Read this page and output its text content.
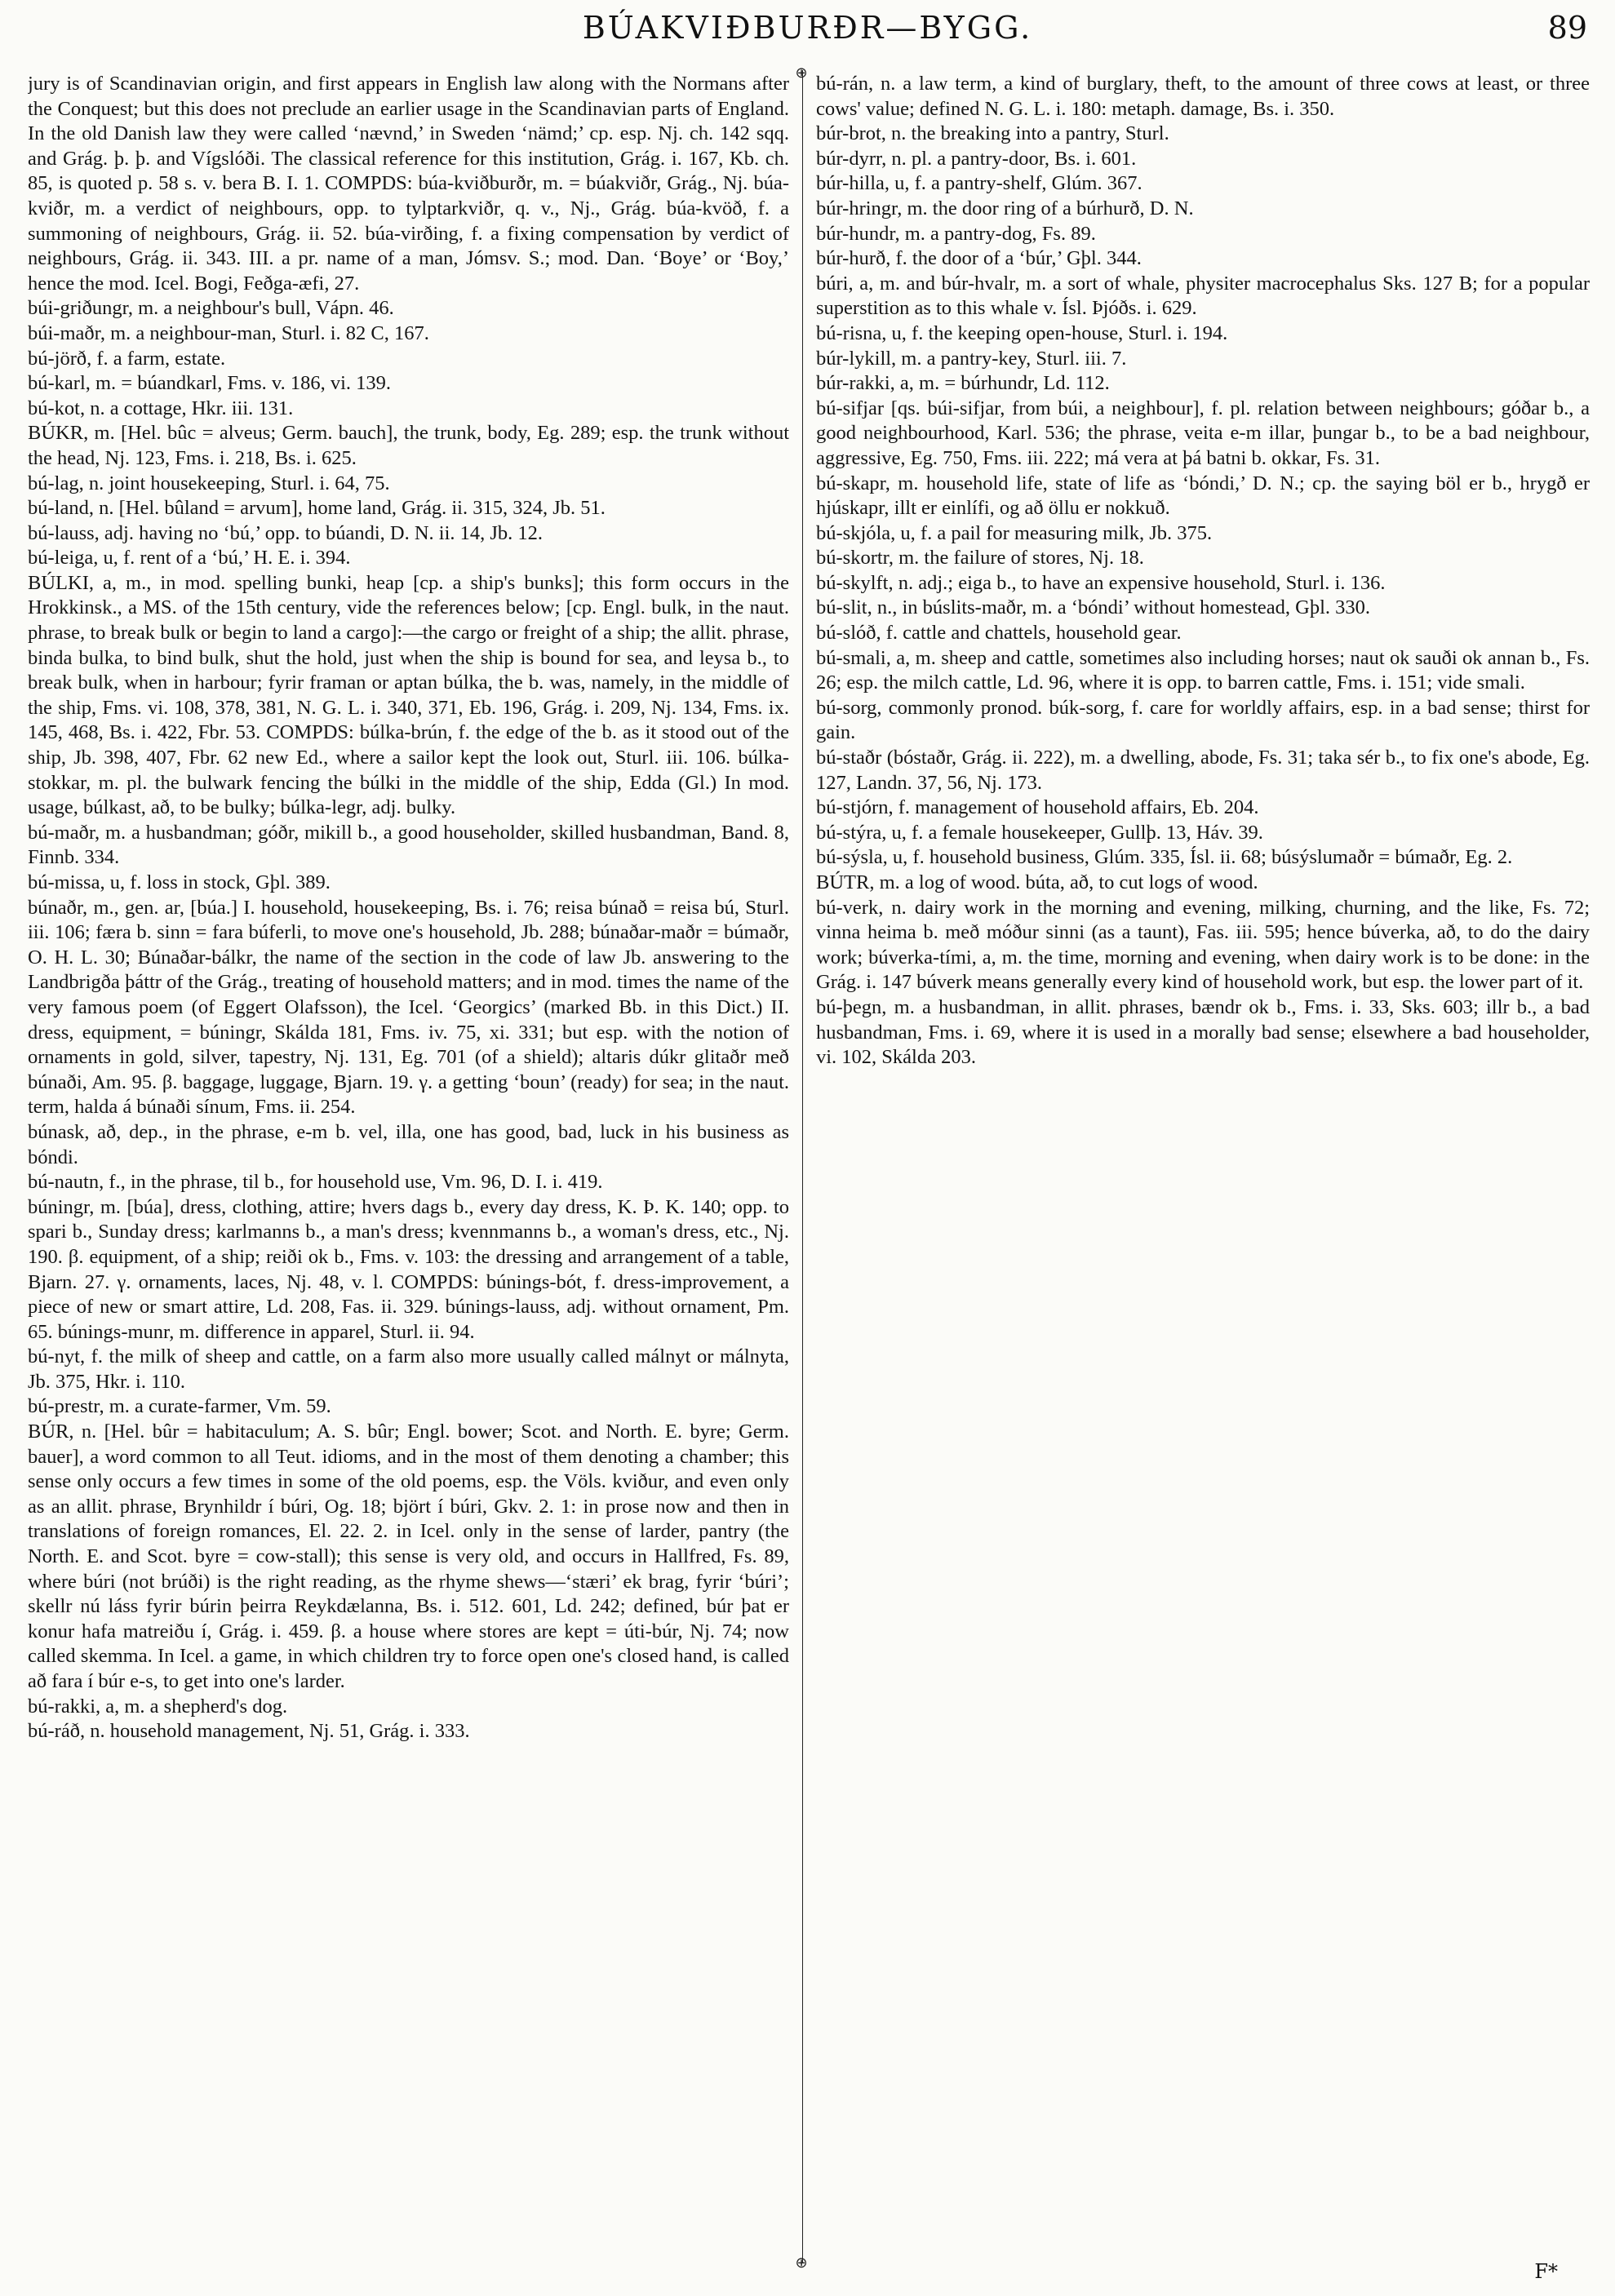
BÚAKVIÐBURÐR—BYGG.	89

jury is of Scandinavian origin, and first appears in English law along with the Normans after the Conquest; but this does not preclude an earlier usage in the Scandinavian parts of England. In the old Danish law they were called ‘nævnd,’ in Sweden ‘nämd;’ cp. esp. Nj. ch. 142 sqq. and Grág. þ. þ. and Vígslóði. The classical reference for this institution, Grág. i. 167, Kb. ch. 85, is quoted p. 58 s. v. bera B. I. 1. COMPDS: búa-kviðburðr, m. = búakviðr, Grág., Nj. búa-kviðr, m. a verdict of neighbours, opp. to tylptarkviðr, q. v., Nj., Grág. búa-kvöð, f. a summoning of neighbours, Grág. ii. 52. búa-virðing, f. a fixing compensation by verdict of neighbours, Grág. ii. 343. III. a pr. name of a man, Jómsv. S.; mod. Dan. ‘Boye’ or ‘Boy,’ hence the mod. Icel. Bogi, Feðga-æfi, 27.

búi-griðungr, m. a neighbour's bull, Vápn. 46.

búi-maðr, m. a neighbour-man, Sturl. i. 82 C, 167.

bú-jörð, f. a farm, estate.

bú-karl, m. = búandkarl, Fms. v. 186, vi. 139.

bú-kot, n. a cottage, Hkr. iii. 131.

BÚKR, m. [Hel. bûc = alveus; Germ. bauch], the trunk, body, Eg. 289; esp. the trunk without the head, Nj. 123, Fms. i. 218, Bs. i. 625.

bú-lag, n. joint housekeeping, Sturl. i. 64, 75.

bú-land, n. [Hel. bûland = arvum], home land, Grág. ii. 315, 324, Jb. 51.

bú-lauss, adj. having no ‘bú,’ opp. to búandi, D. N. ii. 14, Jb. 12.

bú-leiga, u, f. rent of a ‘bú,’ H. E. i. 394.

BÚLKI, a, m., in mod. spelling bunki, heap [cp. a ship's bunks]; this form occurs in the Hrokkinsk., a MS. of the 15th century, vide the references below; [cp. Engl. bulk, in the naut. phrase, to break bulk or begin to land a cargo]:—the cargo or freight of a ship; the allit. phrase, binda bulka, to bind bulk, shut the hold, just when the ship is bound for sea, and leysa b., to break bulk, when in harbour; fyrir framan or aptan búlka, the b. was, namely, in the middle of the ship, Fms. vi. 108, 378, 381, N. G. L. i. 340, 371, Eb. 196, Grág. i. 209, Nj. 134, Fms. ix. 145, 468, Bs. i. 422, Fbr. 53. COMPDS: búlka-brún, f. the edge of the b. as it stood out of the ship, Jb. 398, 407, Fbr. 62 new Ed., where a sailor kept the look out, Sturl. iii. 106. búlka-stokkar, m. pl. the bulwark fencing the búlki in the middle of the ship, Edda (Gl.) In mod. usage, búlkast, að, to be bulky; búlka-legr, adj. bulky.

bú-maðr, m. a husbandman; góðr, mikill b., a good householder, skilled husbandman, Band. 8, Finnb. 334.

bú-missa, u, f. loss in stock, Gþl. 389.

búnaðr, m., gen. ar, [búa.] I. household, housekeeping, Bs. i. 76; reisa búnað = reisa bú, Sturl. iii. 106; færa b. sinn = fara búferli, to move one's household, Jb. 288; búnaðar-maðr = búmaðr, O. H. L. 30; Búnaðar-bálkr, the name of the section in the code of law Jb. answering to the Landbrigða þáttr of the Grág., treating of household matters; and in mod. times the name of the very famous poem (of Eggert Olafsson), the Icel. ‘Georgics’ (marked Bb. in this Dict.) II. dress, equipment, = búningr, Skálda 181, Fms. iv. 75, xi. 331; but esp. with the notion of ornaments in gold, silver, tapestry, Nj. 131, Eg. 701 (of a shield); altaris dúkr glitaðr með búnaði, Am. 95. β. baggage, luggage, Bjarn. 19. γ. a getting ‘boun’ (ready) for sea; in the naut. term, halda á búnaði sínum, Fms. ii. 254.

búnask, að, dep., in the phrase, e-m b. vel, illa, one has good, bad, luck in his business as bóndi.

bú-nautn, f., in the phrase, til b., for household use, Vm. 96, D. I. i. 419.

búningr, m. [búa], dress, clothing, attire; hvers dags b., every day dress, K. Þ. K. 140; opp. to spari b., Sunday dress; karlmanns b., a man's dress; kvennmanns b., a woman's dress, etc., Nj. 190. β. equipment, of a ship; reiði ok b., Fms. v. 103: the dressing and arrangement of a table, Bjarn. 27. γ. ornaments, laces, Nj. 48, v. l. COMPDS: búnings-bót, f. dress-improvement, a piece of new or smart attire, Ld. 208, Fas. ii. 329. búnings-lauss, adj. without ornament, Pm. 65. búnings-munr, m. difference in apparel, Sturl. ii. 94.

bú-nyt, f. the milk of sheep and cattle, on a farm also more usually called málnyt or málnyta, Jb. 375, Hkr. i. 110.

bú-prestr, m. a curate-farmer, Vm. 59.

BÚR, n. [Hel. bûr = habitaculum; A. S. bûr; Engl. bower; Scot. and North. E. byre; Germ. bauer], a word common to all Teut. idioms, and in the most of them denoting a chamber; this sense only occurs a few times in some of the old poems, esp. the Völs. kviður, and even only as an allit. phrase, Brynhildr í búri, Og. 18; björt í búri, Gkv. 2. 1: in prose now and then in translations of foreign romances, El. 22. 2. in Icel. only in the sense of larder, pantry (the North. E. and Scot. byre = cow-stall); this sense is very old, and occurs in Hallfred, Fs. 89, where búri (not brúði) is the right reading, as the rhyme shews—‘stæri’ ek brag, fyrir ‘búri’; skellr nú láss fyrir búrin þeirra Reykdælanna, Bs. i. 512. 601, Ld. 242; defined, búr þat er konur hafa matreiðu í, Grág. i. 459. β. a house where stores are kept = úti-búr, Nj. 74; now called skemma. In Icel. a game, in which children try to force open one's closed hand, is called að fara í búr e-s, to get into one's larder.

bú-rakki, a, m. a shepherd's dog.

bú-ráð, n. household management, Nj. 51, Grág. i. 333.

⊕
⊕

bú-rán, n. a law term, a kind of burglary, theft, to the amount of three cows at least, or three cows' value; defined N. G. L. i. 180: metaph. damage, Bs. i. 350.

búr-brot, n. the breaking into a pantry, Sturl.

búr-dyrr, n. pl. a pantry-door, Bs. i. 601.

búr-hilla, u, f. a pantry-shelf, Glúm. 367.

búr-hringr, m. the door ring of a búrhurð, D. N.

búr-hundr, m. a pantry-dog, Fs. 89.

búr-hurð, f. the door of a ‘búr,’ Gþl. 344.

búri, a, m. and búr-hvalr, m. a sort of whale, physiter macrocephalus Sks. 127 B; for a popular superstition as to this whale v. Ísl. Þjóðs. i. 629.

bú-risna, u, f. the keeping open-house, Sturl. i. 194.

búr-lykill, m. a pantry-key, Sturl. iii. 7.

búr-rakki, a, m. = búrhundr, Ld. 112.

bú-sifjar [qs. búi-sifjar, from búi, a neighbour], f. pl. relation between neighbours; góðar b., a good neighbourhood, Karl. 536; the phrase, veita e-m illar, þungar b., to be a bad neighbour, aggressive, Eg. 750, Fms. iii. 222; má vera at þá batni b. okkar, Fs. 31.

bú-skapr, m. household life, state of life as ‘bóndi,’ D. N.; cp. the saying böl er b., hrygð er hjúskapr, illt er einlífi, og að öllu er nokkuð.

bú-skjóla, u, f. a pail for measuring milk, Jb. 375.

bú-skortr, m. the failure of stores, Nj. 18.

bú-skylft, n. adj.; eiga b., to have an expensive household, Sturl. i. 136.

bú-slit, n., in búslits-maðr, m. a ‘bóndi’ without homestead, Gþl. 330.

bú-slóð, f. cattle and chattels, household gear.

bú-smali, a, m. sheep and cattle, sometimes also including horses; naut ok sauði ok annan b., Fs. 26; esp. the milch cattle, Ld. 96, where it is opp. to barren cattle, Fms. i. 151; vide smali.

bú-sorg, commonly pronod. búk-sorg, f. care for worldly affairs, esp. in a bad sense; thirst for gain.

bú-staðr (bóstaðr, Grág. ii. 222), m. a dwelling, abode, Fs. 31; taka sér b., to fix one's abode, Eg. 127, Landn. 37, 56, Nj. 173.

bú-stjórn, f. management of household affairs, Eb. 204.

bú-stýra, u, f. a female housekeeper, Gullþ. 13, Háv. 39.

bú-sýsla, u, f. household business, Glúm. 335, Ísl. ii. 68; búsýslumaðr = búmaðr, Eg. 2.

BÚTR, m. a log of wood. búta, að, to cut logs of wood.

bú-verk, n. dairy work in the morning and evening, milking, churning, and the like, Fs. 72; vinna heima b. með móður sinni (as a taunt), Fas. iii. 595; hence búverka, að, to do the dairy work; búverka-tími, a, m. the time, morning and evening, when dairy work is to be done: in the Grág. i. 147 búverk means generally every kind of household work, but esp. the lower part of it.

bú-þegn, m. a husbandman, in allit. phrases, bændr ok b., Fms. i. 33, Sks. 603; illr b., a bad husbandman, Fms. i. 69, where it is used in a morally bad sense; elsewhere a bad householder, vi. 102, Skálda 203.

F*
